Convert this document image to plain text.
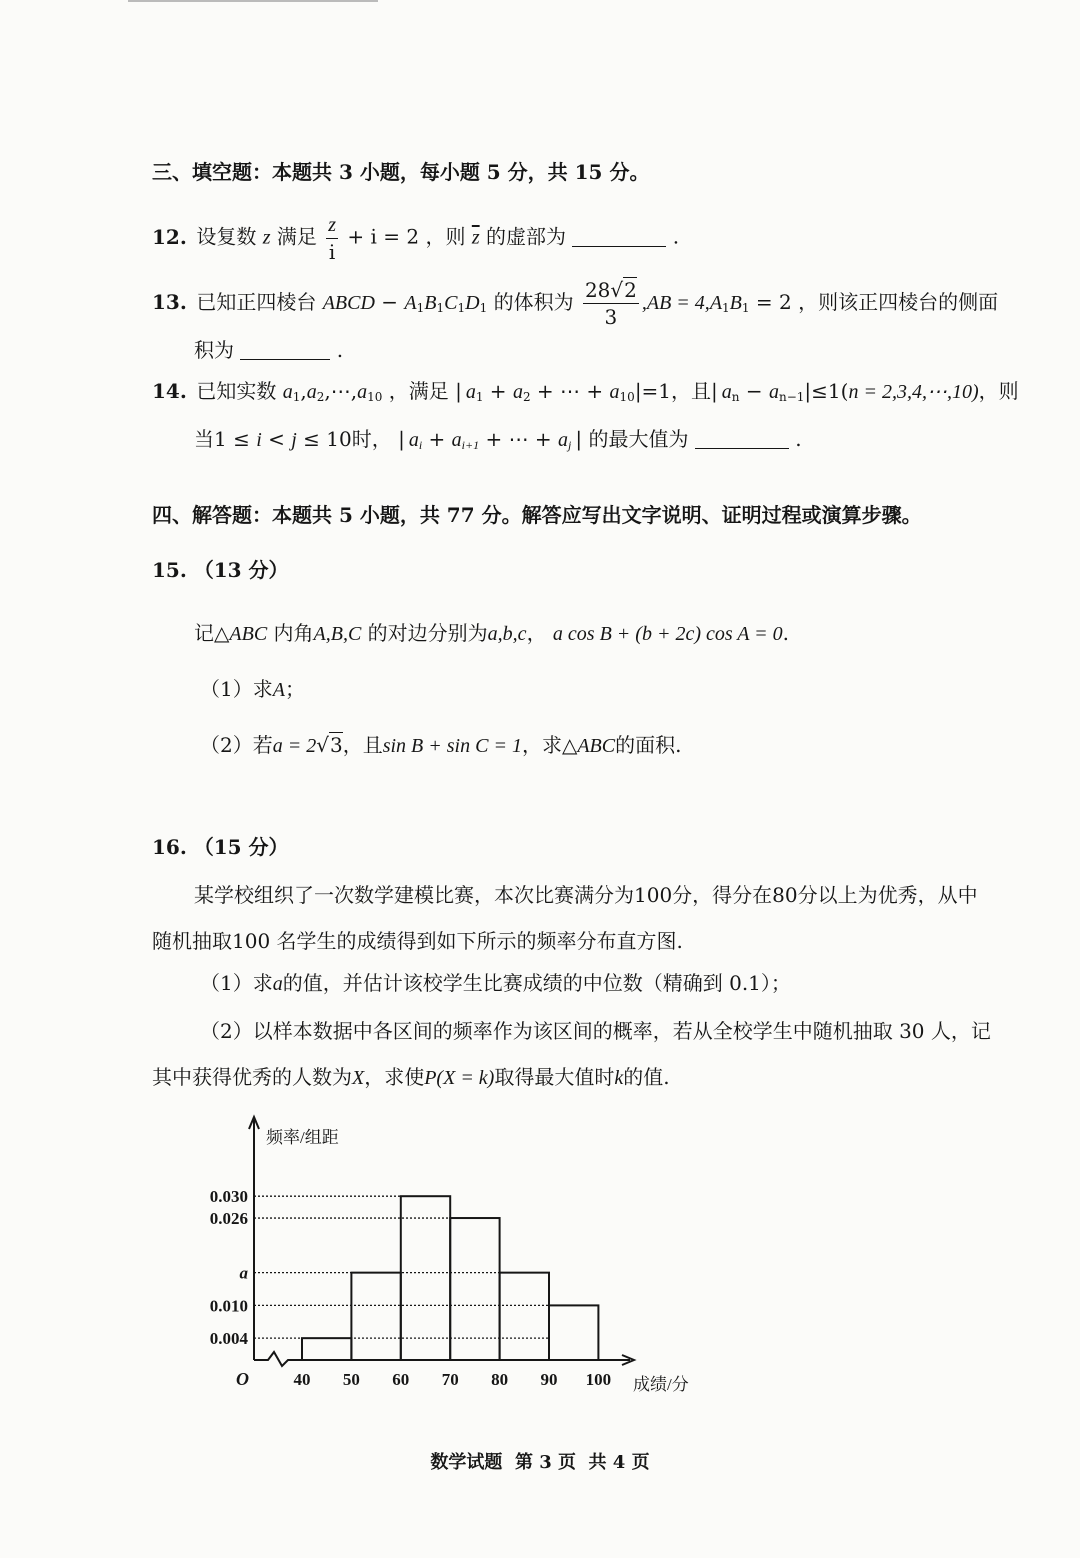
三、填空题：本题共 3 小题，每小题 5 分，共 15 分。
12. 设复数 z 满足 $\frac{z}{i} + i = 2$ ，则 $\overline{z}$ 的虚部为	.
13. 已知正四棱台 ABCD − $A_1B_1C_1D_1$ 的体积为 $\frac{28√2}{3} ,AB = 4,A_1B_1 = 2$ ，则该正四棱台的侧面
积为	.
14. 已知实数 $a_1,a_2,\cdots,a_{10}$ ，满足 | $a_1 + a_2$ + ⋯ + $a_{10}|=1$，且| $a_n - a_{n-1}|\le 1(n$ = 2,3,4,⋯,10)，则
当1 ≤ i < j ≤ 10时， | $a_i + a_{i+1}$ + ⋯ + $a_j$ | 的最大值为	.
四、解答题：本题共 5 小题，共 77 分。解答应写出文字说明、证明过程或演算步骤。
15. （13 分）
记△ABC 内角A,B,C 的对边分别为a,b,c， a cos B + (b + 2c) cos A = 0.
（1）求A；
（2）若a = 2√3，且sin B + sin C = 1，求△ABC的面积.
16. （15 分）
某学校组织了一次数学建模比赛，本次比赛满分为100分，得分在80分以上为优秀，从中
随机抽取100 名学生的成绩得到如下所示的频率分布直方图.
（1）求a的值，并估计该校学生比赛成绩的中位数（精确到 0.1）；
（2）以样本数据中各区间的频率作为该区间的概率，若从全校学生中随机抽取 30 人，记
其中获得优秀的人数为X，求使P(X = k)取得最大值时k的值.
0.004
0.010
a
0.026
0.030
40 50 60 70 80 90 100
频率/组距
成绩/分
O
数学试题  第 3 页  共 4 页
